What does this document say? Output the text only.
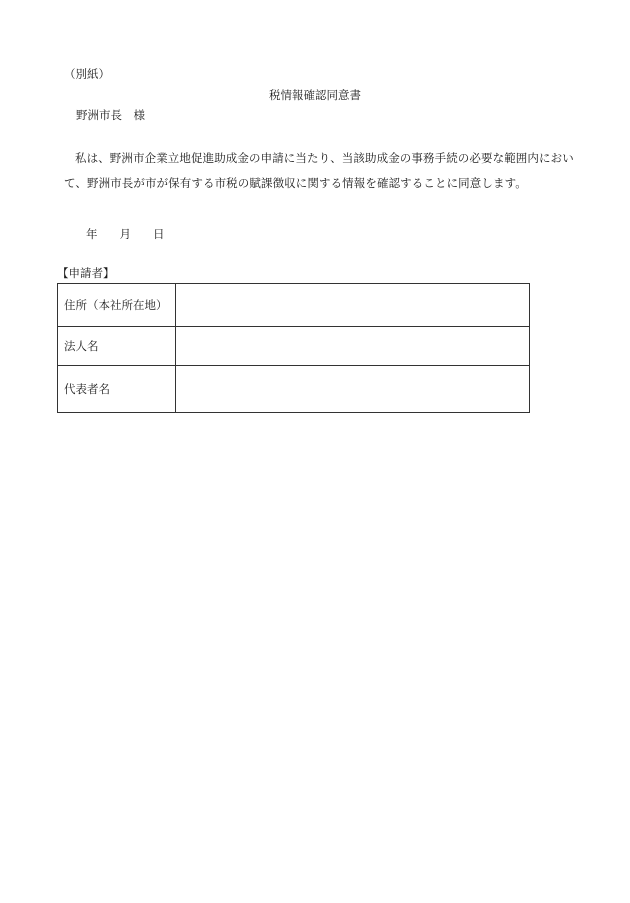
（別紙）
税情報確認同意書
野洲市長　様
私は、野洲市企業立地促進助成金の申請に当たり、当該助成金の事務手続の必要な範囲内において、野洲市長が市が保有する市税の賦課徴収に関する情報を確認することに同意します。
年 月 日
【申請者】
住所（本社所在地）	
法人名	
代表者名	
